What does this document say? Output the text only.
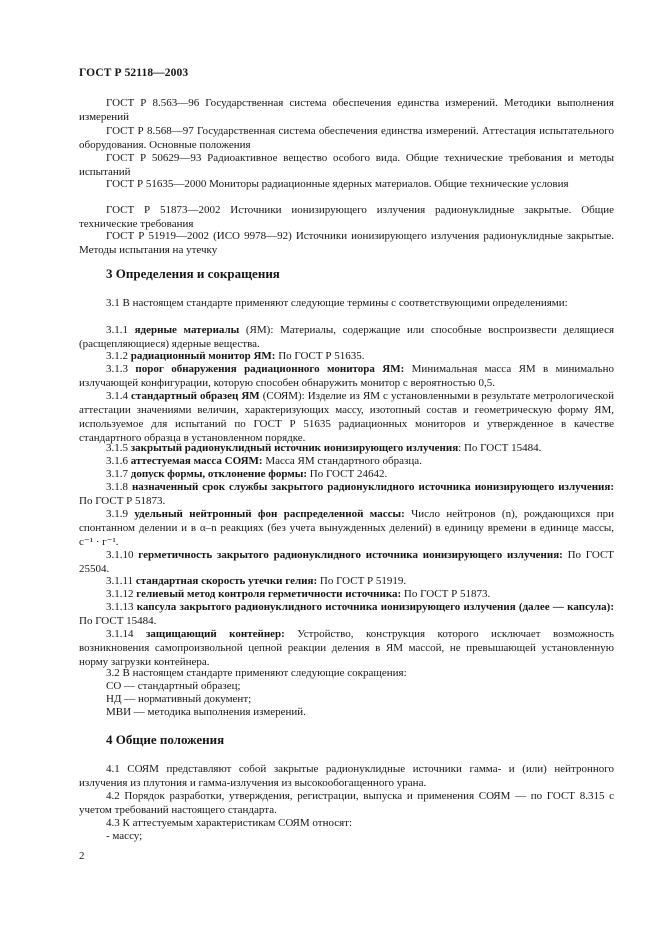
ГОСТ Р 52118—2003
ГОСТ Р 8.563—96 Государственная система обеспечения единства измерений. Методики выполнения измерений
ГОСТ Р 8.568—97 Государственная система обеспечения единства измерений. Аттестация испытательного оборудования. Основные положения
ГОСТ Р 50629—93 Радиоактивное вещество особого вида. Общие технические требования и методы испытаний
ГОСТ Р 51635—2000 Мониторы радиационные ядерных материалов. Общие технические условия
ГОСТ Р 51873—2002 Источники ионизирующего излучения радионуклидные закрытые. Общие технические требования
ГОСТ Р 51919—2002 (ИСО 9978—92) Источники ионизирующего излучения радионуклидные закрытые. Методы испытания на утечку
3 Определения и сокращения
3.1 В настоящем стандарте применяют следующие термины с соответствующими определениями:
3.1.1 ядерные материалы (ЯМ): Материалы, содержащие или способные воспроизвести делящиеся (расщепляющиеся) ядерные вещества.
3.1.2 радиационный монитор ЯМ: По ГОСТ Р 51635.
3.1.3 порог обнаружения радиационного монитора ЯМ: Минимальная масса ЯМ в минимально излучающей конфигурации, которую способен обнаружить монитор с вероятностью 0,5.
3.1.4 стандартный образец ЯМ (СОЯМ): Изделие из ЯМ с установленными в результате метрологической аттестации значениями величин, характеризующих массу, изотопный состав и геометрическую форму ЯМ, используемое для испытаний по ГОСТ Р 51635 радиационных мониторов и утвержденное в качестве стандартного образца в установленном порядке.
3.1.5 закрытый радионуклидный источник ионизирующего излучения: По ГОСТ 15484.
3.1.6 аттестуемая масса СОЯМ: Масса ЯМ стандартного образца.
3.1.7 допуск формы, отклонение формы: По ГОСТ 24642.
3.1.8 назначенный срок службы закрытого радионуклидного источника ионизирующего излучения: По ГОСТ Р 51873.
3.1.9 удельный нейтронный фон распределенной массы: Число нейтронов (n), рождающихся при спонтанном делении и в α–n реакциях (без учета вынужденных делений) в единицу времени в единице массы, с⁻¹ · г⁻¹.
3.1.10 герметичность закрытого радионуклидного источника ионизирующего излучения: По ГОСТ 25504.
3.1.11 стандартная скорость утечки гелия: По ГОСТ Р 51919.
3.1.12 гелиевый метод контроля герметичности источника: По ГОСТ Р 51873.
3.1.13 капсула закрытого радионуклидного источника ионизирующего излучения (далее — капсула): По ГОСТ 15484.
3.1.14 защищающий контейнер: Устройство, конструкция которого исключает возможность возникновения самопроизвольной цепной реакции деления в ЯМ массой, не превышающей установленную норму загрузки контейнера.
3.2 В настоящем стандарте применяют следующие сокращения:
СО — стандартный образец;
НД — нормативный документ;
МВИ — методика выполнения измерений.
4 Общие положения
4.1 СОЯМ представляют собой закрытые радионуклидные источники гамма- и (или) нейтронного излучения из плутония и гамма-излучения из высокообогащенного урана.
4.2 Порядок разработки, утверждения, регистрации, выпуска и применения СОЯМ — по ГОСТ 8.315 с учетом требований настоящего стандарта.
4.3 К аттестуемым характеристикам СОЯМ относят:
- массу;
2
